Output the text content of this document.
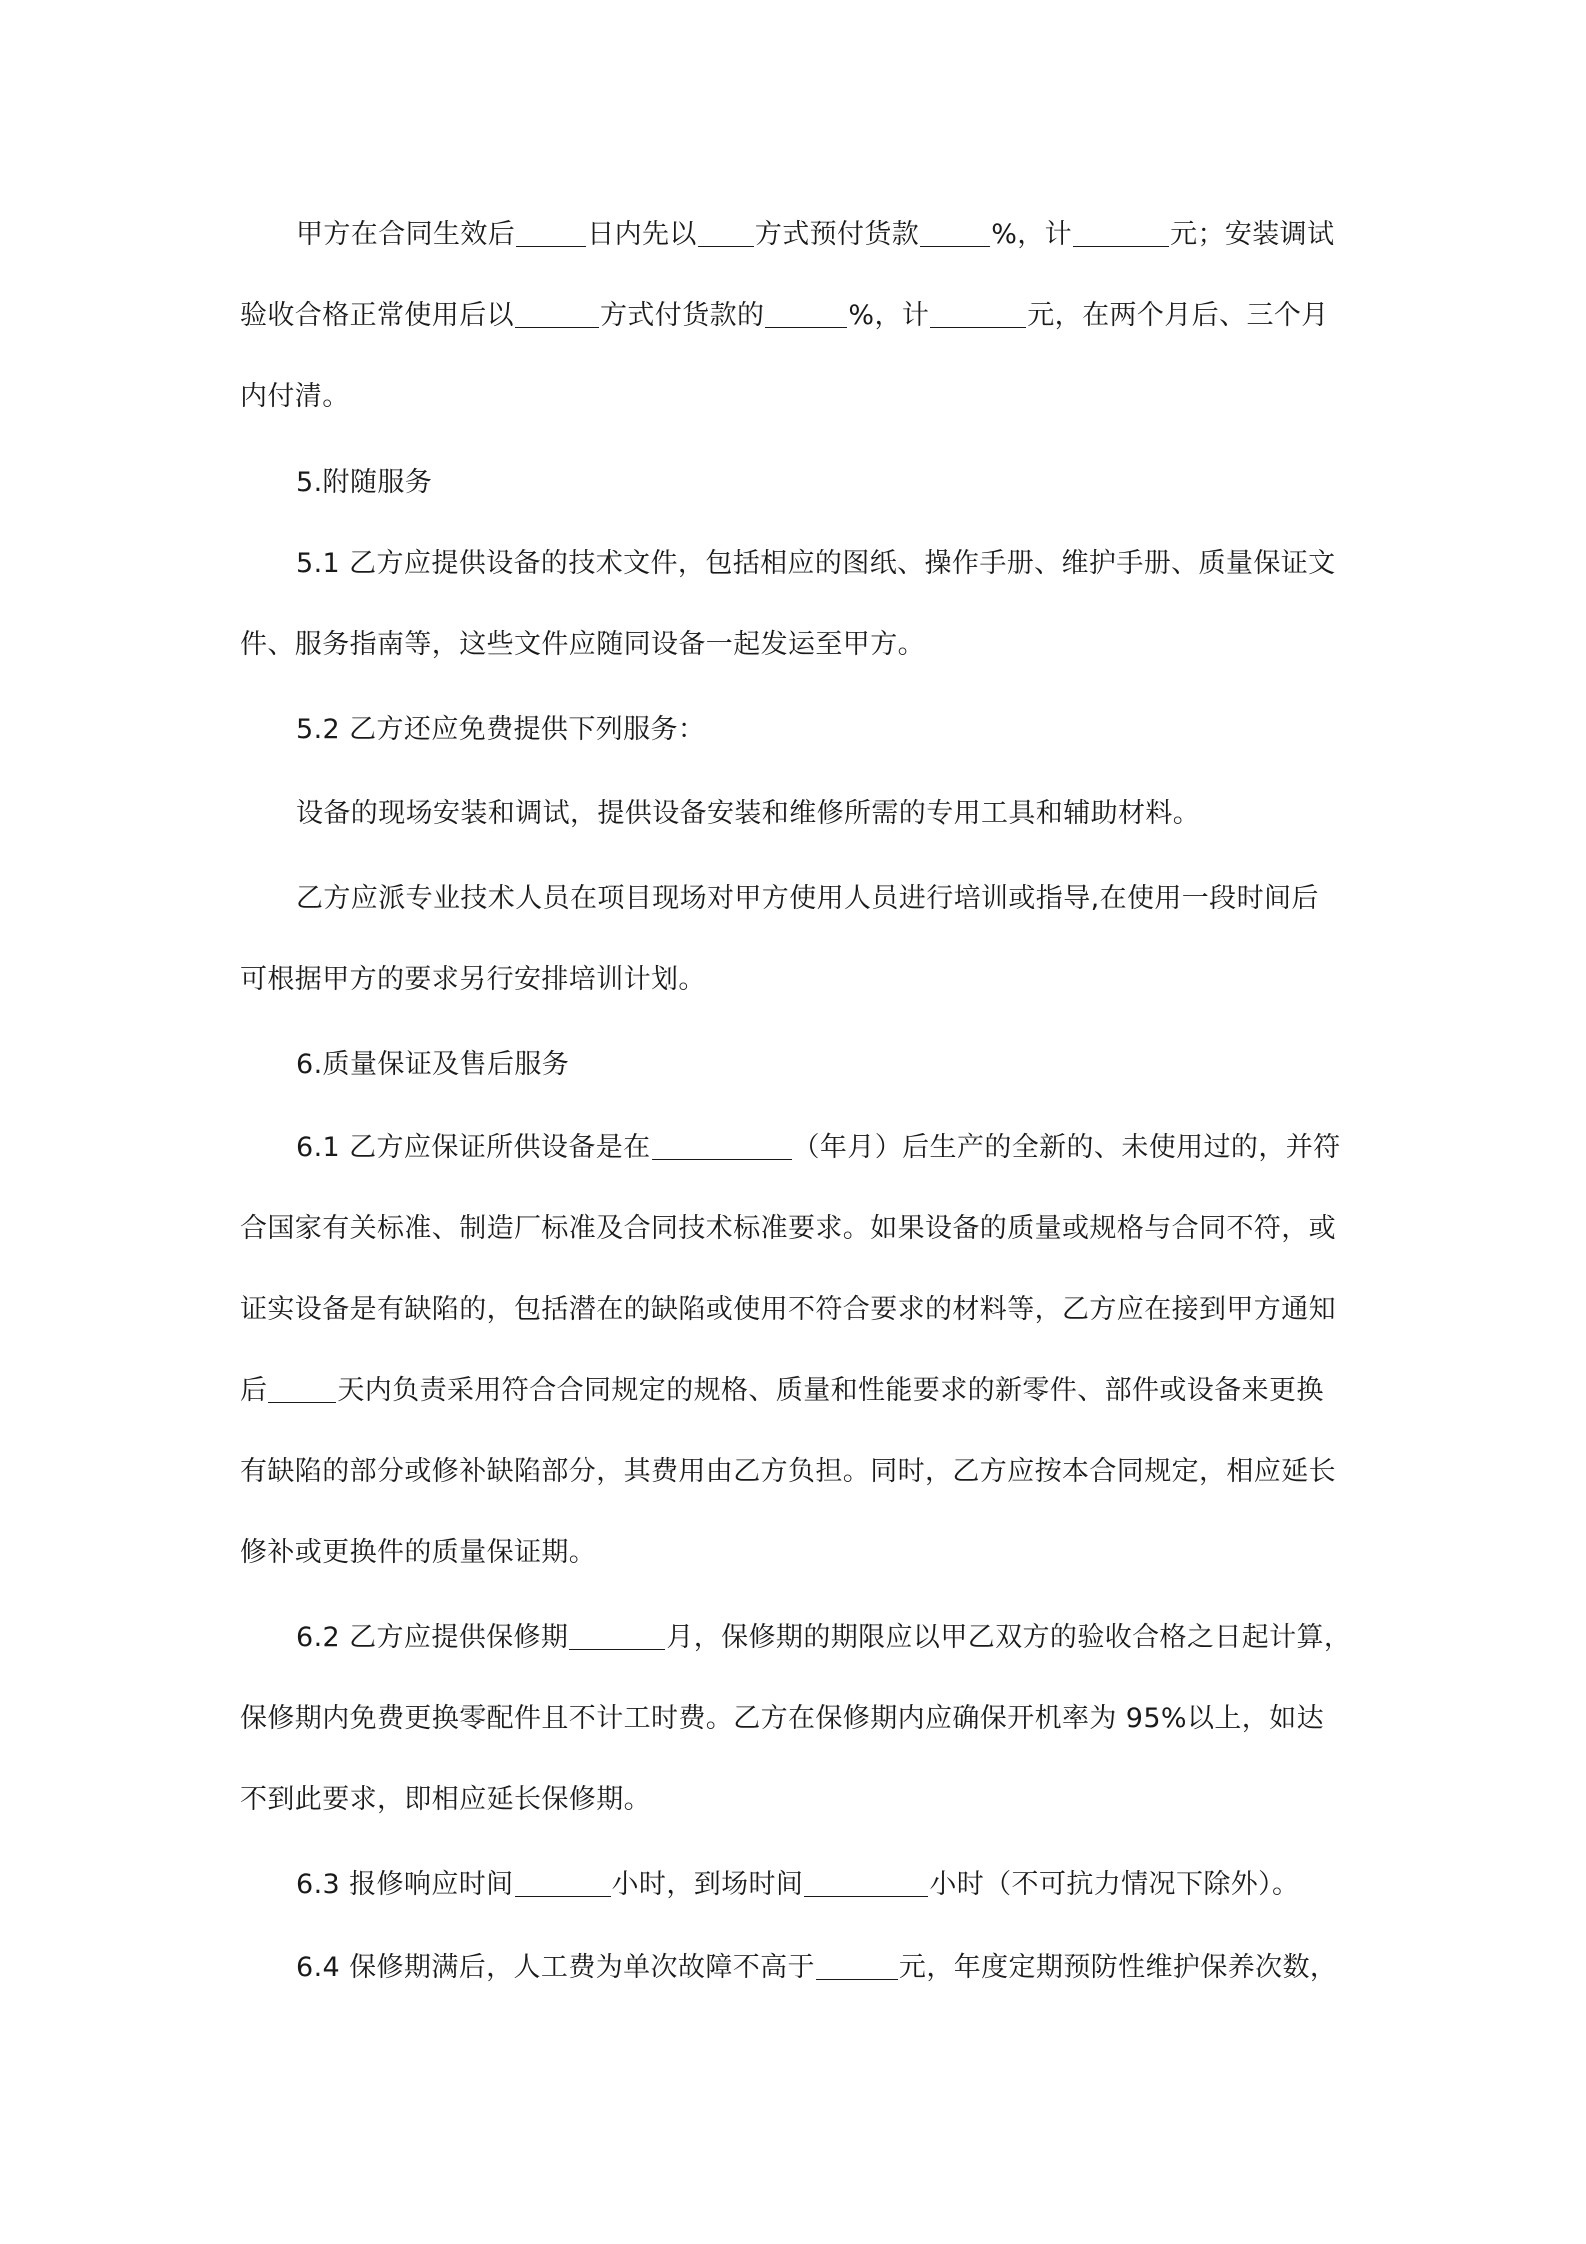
甲方在合同生效后	日内先以 方式预付货款	%，计	元；安装调试
验收合格正常使用后以	方式付货款的	%，计	元，在两个月后、三个月
内付清。
5.附随服务
5.1 乙方应提供设备的技术文件，包括相应的图纸、操作手册、维护手册、质量保证文
件、服务指南等，这些文件应随同设备一起发运至甲方。
5.2 乙方还应免费提供下列服务：
设备的现场安装和调试，提供设备安装和维修所需的专用工具和辅助材料。
乙方应派专业技术人员在项目现场对甲方使用人员进行培训或指导,在使用一段时间后
可根据甲方的要求另行安排培训计划。
6.质量保证及售后服务
6.1 乙方应保证所供设备是在	（年月）后生产的全新的、未使用过的，并符
合国家有关标准、制造厂标准及合同技术标准要求。如果设备的质量或规格与合同不符，或
证实设备是有缺陷的，包括潜在的缺陷或使用不符合要求的材料等，乙方应在接到甲方通知
后	天内负责采用符合合同规定的规格、质量和性能要求的新零件、部件或设备来更换
有缺陷的部分或修补缺陷部分，其费用由乙方负担。同时，乙方应按本合同规定，相应延长
修补或更换件的质量保证期。
6.2 乙方应提供保修期	月，保修期的期限应以甲乙双方的验收合格之日起计算，
保修期内免费更换零配件且不计工时费。乙方在保修期内应确保开机率为 95%以上，如达
不到此要求，即相应延长保修期。
6.3 报修响应时间	小时，到场时间	小时（不可抗力情况下除外）。
6.4 保修期满后，人工费为单次故障不高于	元，年度定期预防性维护保养次数，
